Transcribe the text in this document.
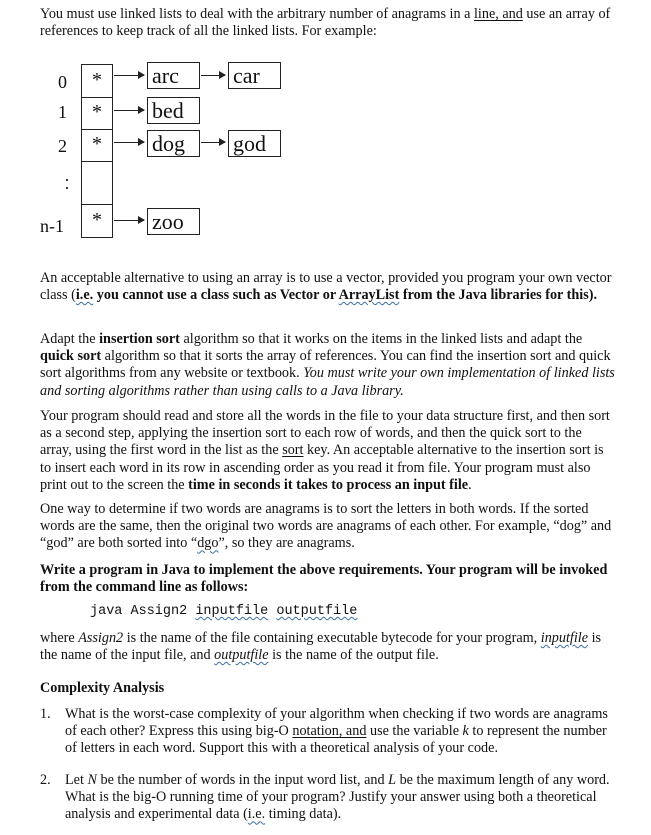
You must use linked lists to deal with the arbitrary number of anagrams in a line, and use an array of references to keep track of all the linked lists. For example:

0	*	arc	car
1	*	bed
2	*	dog	god
·
·
n-1	*	zoo

An acceptable alternative to using an array is to use a vector, provided you program your own vector class (i.e. you cannot use a class such as Vector or ArrayList from the Java libraries for this).

Adapt the insertion sort algorithm so that it works on the items in the linked lists and adapt the quick sort algorithm so that it sorts the array of references. You can find the insertion sort and quick sort algorithms from any website or textbook. You must write your own implementation of linked lists and sorting algorithms rather than using calls to a Java library.

Your program should read and store all the words in the file to your data structure first, and then sort as a second step, applying the insertion sort to each row of words, and then the quick sort to the array, using the first word in the list as the sort key. An acceptable alternative to the insertion sort is to insert each word in its row in ascending order as you read it from file. Your program must also print out to the screen the time in seconds it takes to process an input file.

One way to determine if two words are anagrams is to sort the letters in both words. If the sorted words are the same, then the original two words are anagrams of each other. For example, “dog” and “god” are both sorted into “dgo”, so they are anagrams.

Write a program in Java to implement the above requirements. Your program will be invoked from the command line as follows:

java Assign2 inputfile outputfile

where Assign2 is the name of the file containing executable bytecode for your program, inputfile is the name of the input file, and outputfile is the name of the output file.

Complexity Analysis

1. What is the worst-case complexity of your algorithm when checking if two words are anagrams of each other? Express this using big-O notation, and use the variable k to represent the number of letters in each word. Support this with a theoretical analysis of your code.
2. Let N be the number of words in the input word list, and L be the maximum length of any word. What is the big-O running time of your program? Justify your answer using both a theoretical analysis and experimental data (i.e. timing data).
